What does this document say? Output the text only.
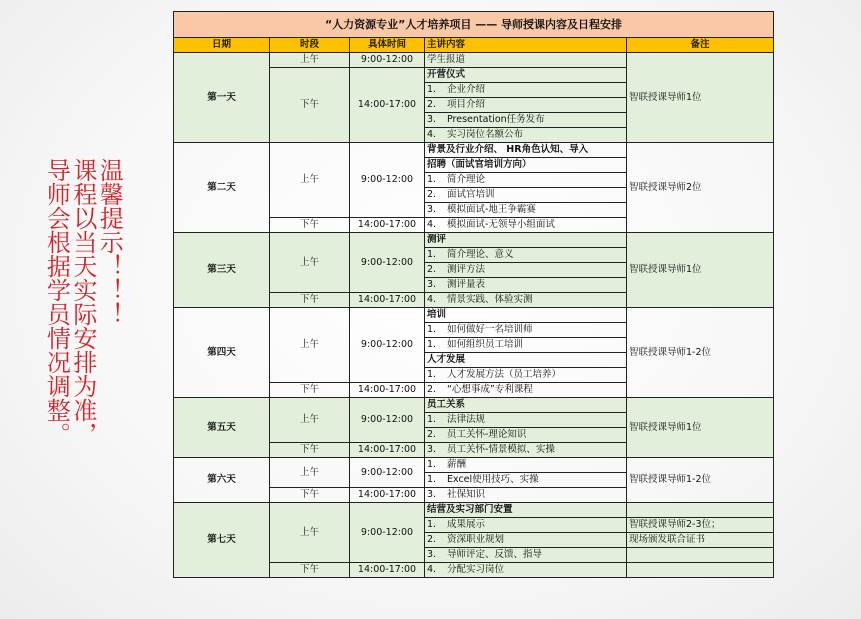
温馨提示！！！
课程以当天实际安排为准，
导师会根据学员情况调整。
“人力资源专业”人才培养项目 —— 导师授课内容及日程安排				
日期	时段	具体时间	主讲内容	备注
第一天	上午	9:00-12:00	学生报道	智联授课导师1位
	下午	14:00-17:00	开营仪式	
			1. 企业介绍	
			2. 项目介绍	
			3. Presentation任务发布	
			4. 实习岗位名额公布	
第二天	上午	9:00-12:00	背景及行业介绍、 HR角色认知、导入	智联授课导师2位
			招聘（面试官培训方向）	
			1. 简介理论	
			2. 面试官培训	
			3. 模拟面试-地王争霸赛	
	下午	14:00-17:00	4. 模拟面试-无领导小组面试	
第三天	上午	9:00-12:00	测评	智联授课导师1位
			1. 简介理论、意义	
			2. 测评方法	
			3. 测评量表	
	下午	14:00-17:00	4. 情景实践、体验实测	
第四天	上午	9:00-12:00	培训	智联授课导师1-2位
			1. 如何做好一名培训师	
			1. 如何组织员工培训	
			人才发展	
			1. 人才发展方法（员工培养）	
	下午	14:00-17:00	2. “心想事成”专利课程	
第五天	上午	9:00-12:00	员工关系	智联授课导师1位
			1. 法律法规	
			2. 员工关怀-理论知识	
	下午	14:00-17:00	3. 员工关怀-情景模拟、实操	
第六天	上午	9:00-12:00	1. 薪酬	智联授课导师1-2位
			1. Excel使用技巧、实操	
	下午	14:00-17:00	3. 社保知识	
第七天	上午	9:00-12:00	结营及实习部门安置	
			1. 成果展示	智联授课导师2-3位；
			2. 资深职业规划	现场颁发联合证书
			3. 导师评定、反馈、指导	
	下午	14:00-17:00	4. 分配实习岗位	
